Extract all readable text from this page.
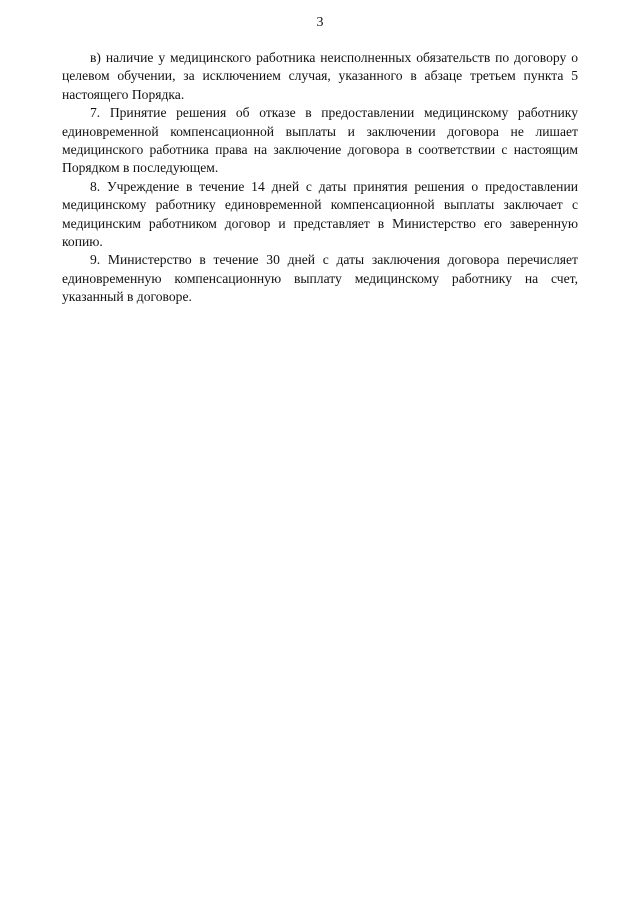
3

в) наличие у медицинского работника неисполненных обязательств по договору о целевом обучении, за исключением случая, указанного в абзаце третьем пункта 5 настоящего Порядка.

7. Принятие решения об отказе в предоставлении медицинскому работнику единовременной компенсационной выплаты и заключении договора не лишает медицинского работника права на заключение договора в соответствии с настоящим Порядком в последующем.

8. Учреждение в течение 14 дней с даты принятия решения о предоставлении медицинскому работнику единовременной компенсационной выплаты заключает с медицинским работником договор и представляет в Министерство его заверенную копию.

9. Министерство в течение 30 дней с даты заключения договора перечисляет единовременную компенсационную выплату медицинскому работнику на счет, указанный в договоре.
